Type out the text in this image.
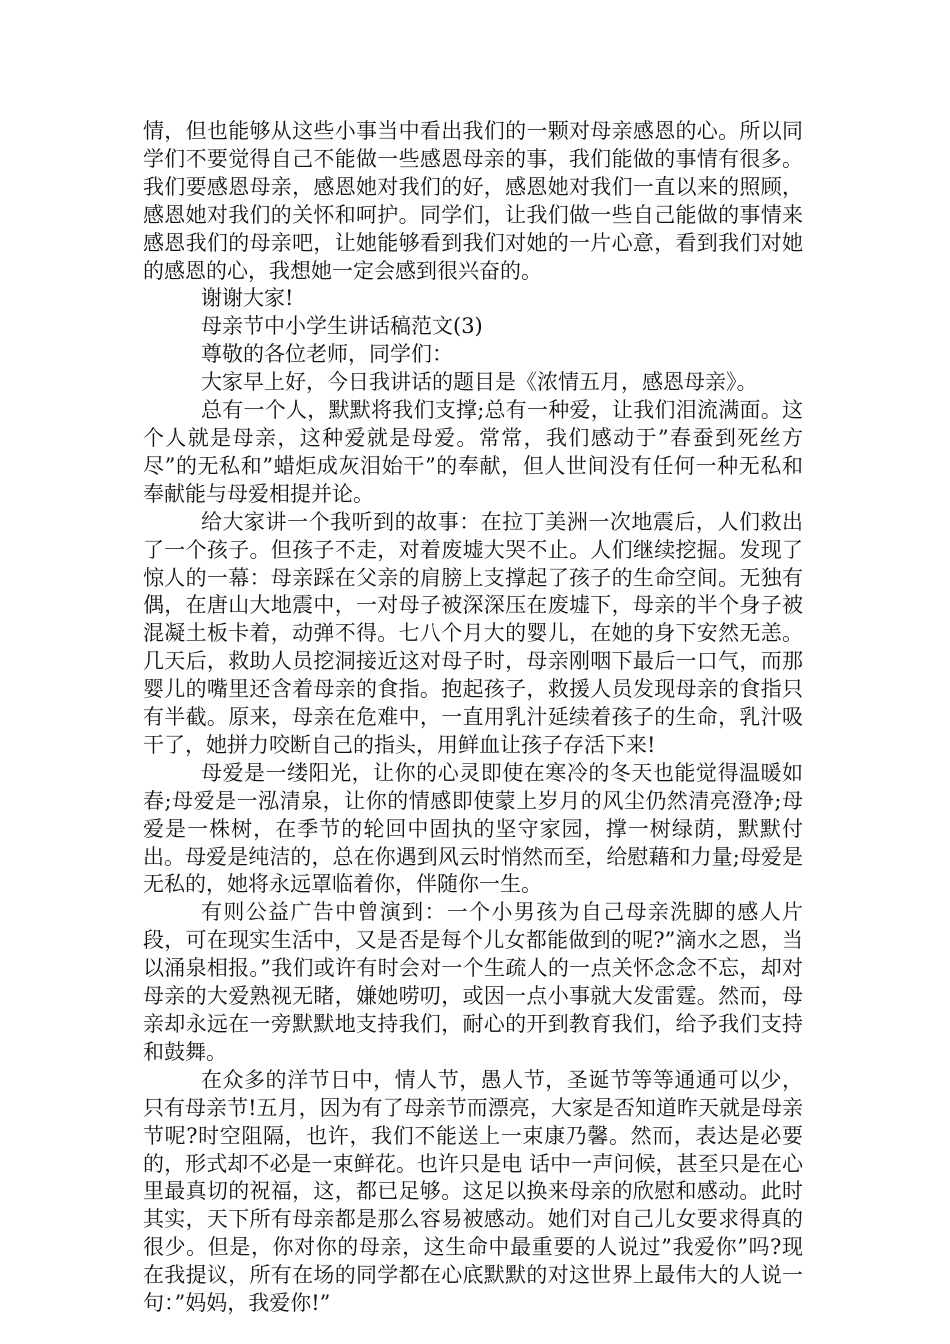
情，但也能够从这些小事当中看出我们的一颗对母亲感恩的心。所以同学们不要觉得自己不能做一些感恩母亲的事，我们能做的事情有很多。我们要感恩母亲，感恩她对我们的好，感恩她对我们一直以来的照顾，感恩她对我们的关怀和呵护。同学们，让我们做一些自己能做的事情来感恩我们的母亲吧，让她能够看到我们对她的一片心意，看到我们对她的感恩的心，我想她一定会感到很兴奋的。

谢谢大家!

母亲节中小学生讲话稿范文(3)

尊敬的各位老师，同学们：

大家早上好，今日我讲话的题目是《浓情五月，感恩母亲》。

总有一个人，默默将我们支撑;总有一种爱，让我们泪流满面。这个人就是母亲，这种爱就是母爱。常常，我们感动于”春蚕到死丝方尽”的无私和”蜡炬成灰泪始干”的奉献，但人世间没有任何一种无私和奉献能与母爱相提并论。

给大家讲一个我听到的故事：在拉丁美洲一次地震后，人们救出了一个孩子。但孩子不走，对着废墟大哭不止。人们继续挖掘。发现了惊人的一幕：母亲踩在父亲的肩膀上支撑起了孩子的生命空间。无独有偶，在唐山大地震中，一对母子被深深压在废墟下，母亲的半个身子被混凝土板卡着，动弹不得。七八个月大的婴儿，在她的身下安然无恙。几天后，救助人员挖洞接近这对母子时，母亲刚咽下最后一口气，而那婴儿的嘴里还含着母亲的食指。抱起孩子，救援人员发现母亲的食指只有半截。原来，母亲在危难中，一直用乳汁延续着孩子的生命，乳汁吸干了，她拼力咬断自己的指头，用鲜血让孩子存活下来!

母爱是一缕阳光，让你的心灵即使在寒冷的冬天也能觉得温暖如春;母爱是一泓清泉，让你的情感即使蒙上岁月的风尘仍然清亮澄净;母爱是一株树，在季节的轮回中固执的坚守家园，撑一树绿荫，默默付出。母爱是纯洁的，总在你遇到风云时悄然而至，给慰藉和力量;母爱是无私的，她将永远罩临着你，伴随你一生。

有则公益广告中曾演到：一个小男孩为自己母亲洗脚的感人片段，可在现实生活中，又是否是每个儿女都能做到的呢?”滴水之恩，当以涌泉相报。”我们或许有时会对一个生疏人的一点关怀念念不忘，却对母亲的大爱熟视无睹，嫌她唠叨，或因一点小事就大发雷霆。然而，母亲却永远在一旁默默地支持我们，耐心的开到教育我们，给予我们支持和鼓舞。

在众多的洋节日中，情人节，愚人节，圣诞节等等通通可以少，只有母亲节!五月，因为有了母亲节而漂亮，大家是否知道昨天就是母亲节呢?时空阻隔，也许，我们不能送上一束康乃馨。然而，表达是必要的，形式却不必是一束鲜花。也许只是电 话中一声问候，甚至只是在心里最真切的祝福，这，都已足够。这足以换来母亲的欣慰和感动。此时其实，天下所有母亲都是那么容易被感动。她们对自己儿女要求得真的很少。但是，你对你的母亲，这生命中最重要的人说过”我爱你”吗?现在我提议，所有在场的同学都在心底默默的对这世界上最伟大的人说一句：”妈妈，我爱你!”
